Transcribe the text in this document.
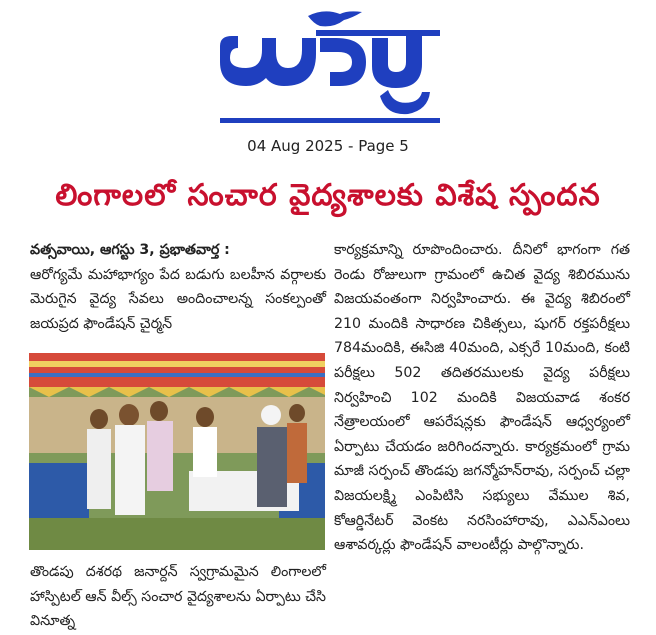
04 Aug 2025 - Page 5
లింగాలలో సంచార వైద్యశాలకు విశేష స్పందన

వత్సవాయి, ఆగస్టు 3, ప్రభాతవార్త :

ఆరోగ్యమే మహాభాగ్యం పేద బడుగు బలహీన వర్గాలకు మెరుగైన వైద్య సేవలు అందించాలన్న సంకల్పంతో జయప్రద ఫౌండేషన్ చైర్మన్

తొండపు దశరథ జనార్దన్ స్వగ్రామమైన లింగాలలో హాస్పిటల్ ఆన్ వీల్స్ సంచార వైద్యశాలను ఏర్పాటు చేసి వినూత్న

కార్యక్రమాన్ని రూపొందించారు. దీనిలో భాగంగా గత రెండు రోజులుగా గ్రామంలో ఉచిత వైద్య శిబిరమును విజయవంతంగా నిర్వహించారు. ఈ వైద్య శిబిరంలో 210 మందికి సాధారణ చికిత్సలు, షుగర్ రక్తపరీక్షలు 784మందికి, ఈసిజి 40మంది, ఎక్సరే 10మంది, కంటి పరీక్షలు 502 తదితరములకు వైద్య పరీక్షలు నిర్వహించి 102 మందికి విజయవాడ శంకర నేత్రాలయంలో ఆపరేషన్లకు ఫౌండేషన్ ఆధ్వర్యంలో ఏర్పాటు చేయడం జరిగిందన్నారు. కార్యక్రమంలో గ్రామ మాజీ సర్పంచ్ తొండపు జగన్మోహన్‌రావు, సర్పంచ్ చల్లా విజయలక్ష్మి ఎంపిటిసి సభ్యులు వేముల శివ, కోఆర్డినేటర్ వెంకట నరసింహారావు, ఎఎన్ఎంలు ఆశావర్కర్లు ఫౌండేషన్ వాలంటీర్లు పాల్గొన్నారు.
